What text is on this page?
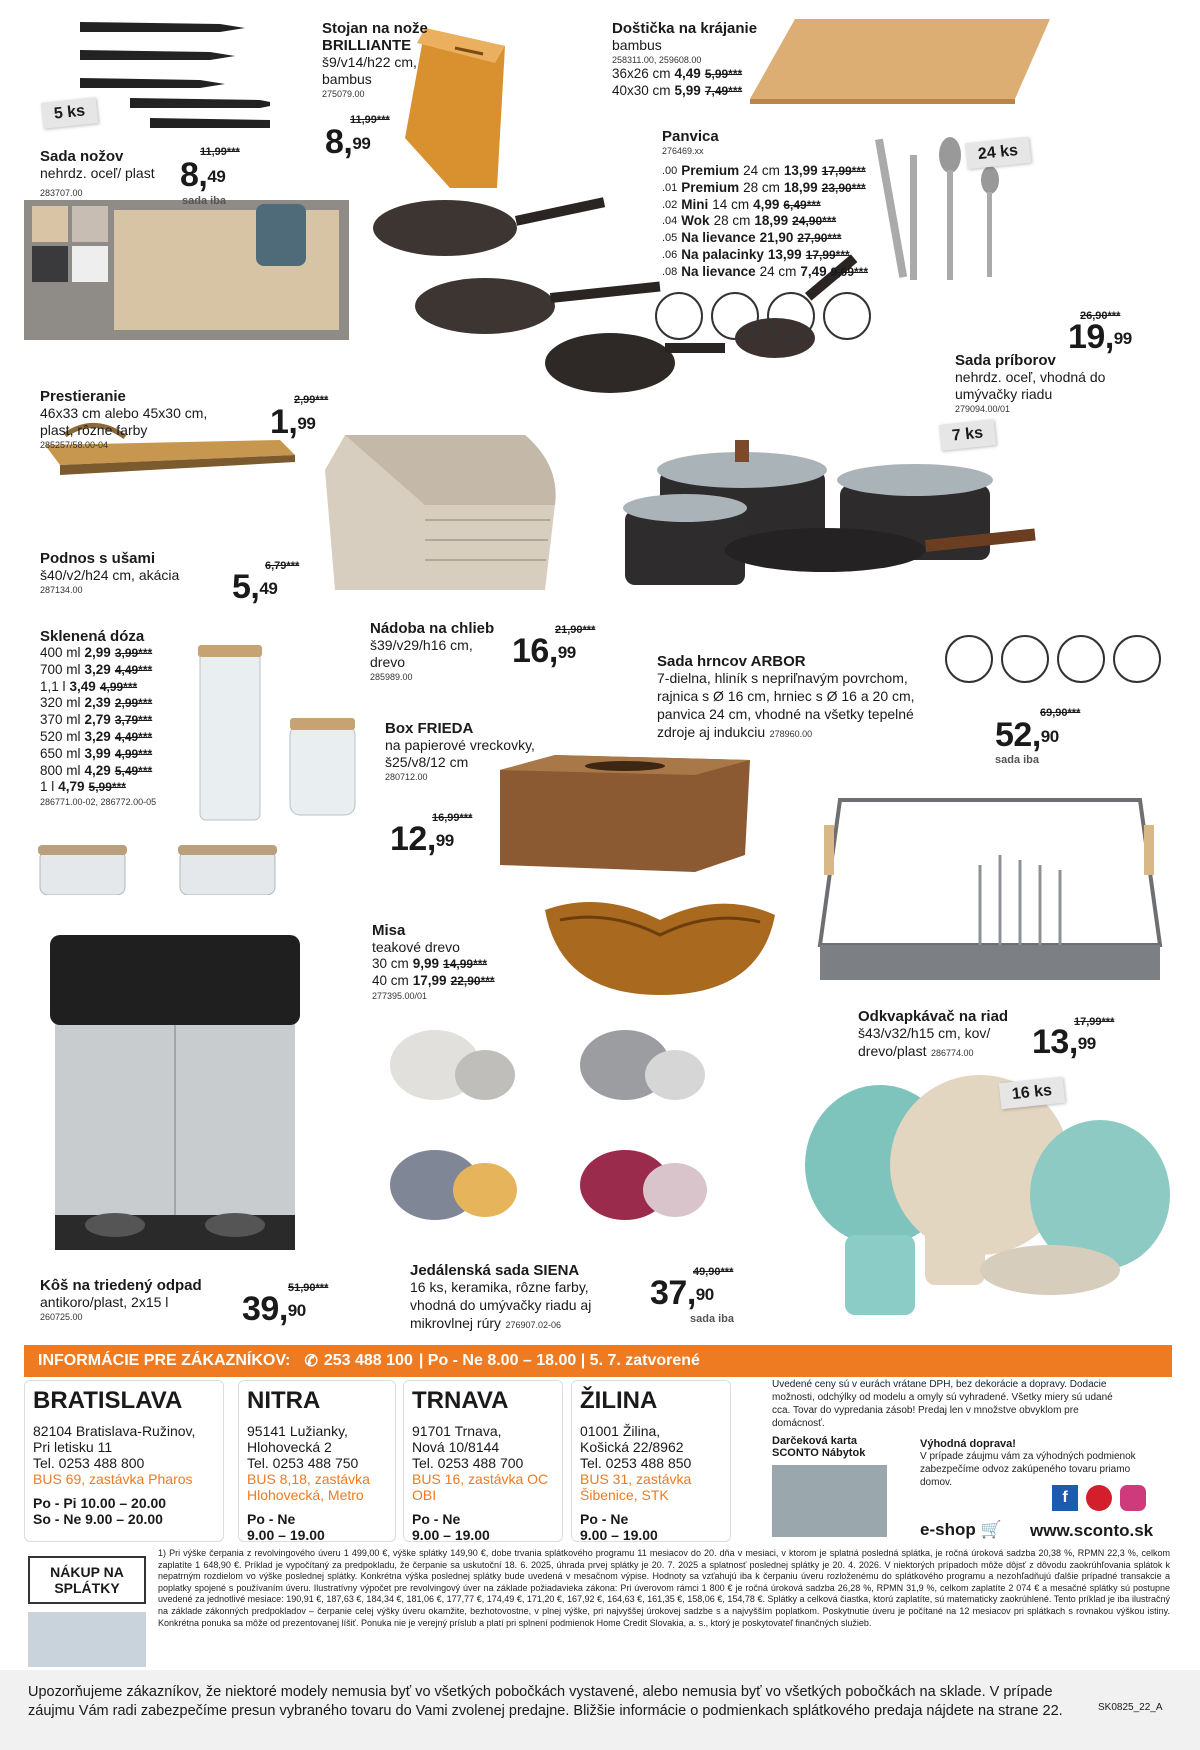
5 ks
24 ks
7 ks
16 ks
Sada nožov
nehrdz. oceľ/ plast 283707.00
11,99***
8,49
sada iba
Stojan na nože BRILLIANTE
š9/v14/h22 cm, bambus
275079.00
11,99***
8,99
Doštička na krájanie
bambus
258311.00, 259608.00
36x26 cm 4,49 5,99***
40x30 cm 5,99 7,49***
Panvica
276469.xx
.00 Premium 24 cm 13,99 17,99***
.01 Premium 28 cm 18,99 23,90***
.02 Mini 14 cm 4,99 6,49***
.04 Wok 28 cm 18,99 24,90***
.05 Na lievance 21,90 27,90***
.06 Na palacinky 13,99 17,99***
.08 Na lievance 24 cm 7,49 9,99***
Sada príborov
nehrdz. oceľ, vhodná do umývačky riadu
279094.00/01
26,90***
19,99
Prestieranie
46x33 cm alebo 45x30 cm, plast, rôzne farby
285257/58.00-04
2,99***
1,99
Podnos s ušami
š40/v2/h24 cm, akácia
287134.00
6,79***
5,49
Nádoba na chlieb
š39/v29/h16 cm, drevo
285989.00
21,90***
16,99	Sada hrncov ARBOR
7-dielna, hliník s nepriľnavým povrchom, rajnica s Ø 16 cm, hrniec s Ø 16 a 20 cm, panvica 24 cm, vhodné na všetky tepelné zdroje aj indukciu 278960.00
69,90***
52,90
sada iba
Sklenená dóza
400 ml 2,99 3,99***
700 ml 3,29 4,49***
1,1 l 3,49 4,99***
320 ml 2,39 2,99***
370 ml 2,79 3,79***
520 ml 3,29 4,49***
650 ml 3,99 4,99***
800 ml 4,29 5,49***
1 l 4,79 5,99***
286771.00-02, 286772.00-05
Box FRIEDA
na papierové vreckovky, š25/v8/12 cm
280712.00
16,99***
12,99
Misa
teakové drevo
30 cm 9,99 14,99***
40 cm 17,99 22,90***
277395.00/01
Odkvapkávač na riad
š43/v32/h15 cm, kov/ drevo/plast 286774.00
17,99***
13,99
Kôš na triedený odpad
antikoro/plast, 2x15 l
260725.00
51,90***
39,90
Jedálenská sada SIENA
16 ks, keramika, rôzne farby, vhodná do umývačky riadu aj mikrovlnej rúry 276907.02-06
49,90***
37,90
sada iba
INFORMÁCIE PRE ZÁKAZNÍKOV: ✆ 253 488 100 | Po - Ne 8.00 – 18.00 | 5. 7. zatvorené
BRATISLAVA
82104 Bratislava-Ružinov,
Pri letisku 11
Tel. 0253 488 800
BUS 69, zastávka Pharos
Po - Pi 10.00 – 20.00
So - Ne 9.00 – 20.00
NITRA
95141 Lužianky,
Hlohovecká 2
Tel. 0253 488 750
BUS 8,18, zastávka Hlohovecká, Metro
Po - Ne
9.00 – 19.00
TRNAVA
91701 Trnava,
Nová 10/8144
Tel. 0253 488 700
BUS 16, zastávka OC OBI
Po - Ne
9.00 – 19.00
ŽILINA
01001 Žilina,
Košická 22/8962
Tel. 0253 488 850
BUS 31, zastávka Šibenice, STK
Po - Ne
9.00 – 19.00
Uvedené ceny sú v eurách vrátane DPH, bez dekorácie a dopravy. Dodacie možnosti, odchýlky od modelu a omyly sú vyhradené. Všetky miery sú udané cca. Tovar do vypredania zásob! Predaj len v množstve obvyklom pre domácnosť.
Darčeková karta SCONTO Nábytok
Výhodná doprava!
V prípade záujmu vám za výhodných podmienok zabezpečíme odvoz zakúpeného tovaru priamo domov.
f
e-shop 🛒 www.sconto.sk
NÁKUP NA SPLÁTKY
1) Pri výške čerpania z revolvingového úveru 1 499,00 €, výške splátky 149,90 €, dobe trvania splátkového programu 11 mesiacov do 20. dňa v mesiaci, v ktorom je splatná posledná splátka, je ročná úroková sadzba 20,38 %, RPMN 22,3 %, celkom zaplatíte 1 648,90 €. Príklad je vypočítaný za predpokladu, že čerpanie sa uskutoční 18. 6. 2025, úhrada prvej splátky je 20. 7. 2025 a splatnosť poslednej splátky je 20. 4. 2026. V niektorých prípadoch môže dôjsť z dôvodu zaokrúhľovania splátok k nepatrným rozdielom vo výške poslednej splátky. Konkrétna výška poslednej splátky bude uvedená v mesačnom výpise. Hodnoty sa vzťahujú iba k čerpaniu úveru rozloženému do splátkového programu a nezohľadňujú ďalšie prípadné transakcie a poplatky spojené s používaním úveru. Ilustratívny výpočet pre revolvingový úver na základe požiadavieka zákona: Pri úverovom rámci 1 800 € je ročná úroková sadzba 26,28 %, RPMN 31,9 %, celkom zaplatíte 2 074 € a mesačné splátky sú postupne uvedené za jednotlivé mesiace: 190,91 €, 187,63 €, 184,34 €, 181,06 €, 177,77 €, 174,49 €, 171,20 €, 167,92 €, 164,63 €, 161,35 €, 158,06 €, 154,78 €. Splátky a celková čiastka, ktorú zaplatíte, sú matematicky zaokrúhlené. Tento príklad je iba ilustračný na základe zákonných predpokladov – čerpanie celej výšky úveru okamžite, bezhotovostne, v plnej výške, pri najvyššej úrokovej sadzbe s a najvyšším poplatkom. Poskytnutie úveru je počítané na 12 mesiacov pri splátkach s rovnakou výškou istiny. Konkrétna ponuka sa môže od prezentovanej líšiť. Ponuka nie je verejný príslub a platí pri splnení podmienok Home Credit Slovakia, a. s., ktorý je poskytovateľ finančných služieb.
Upozorňujeme zákazníkov, že niektoré modely nemusia byť vo všetkých pobočkách vystavené, alebo nemusia byť vo všetkých pobočkách na sklade. V prípade záujmu Vám radi zabezpečíme presun vybraného tovaru do Vami zvolenej predajne. Bližšie informácie o podmienkach splátkového predaja nájdete na strane 22.	SK0825_22_A
